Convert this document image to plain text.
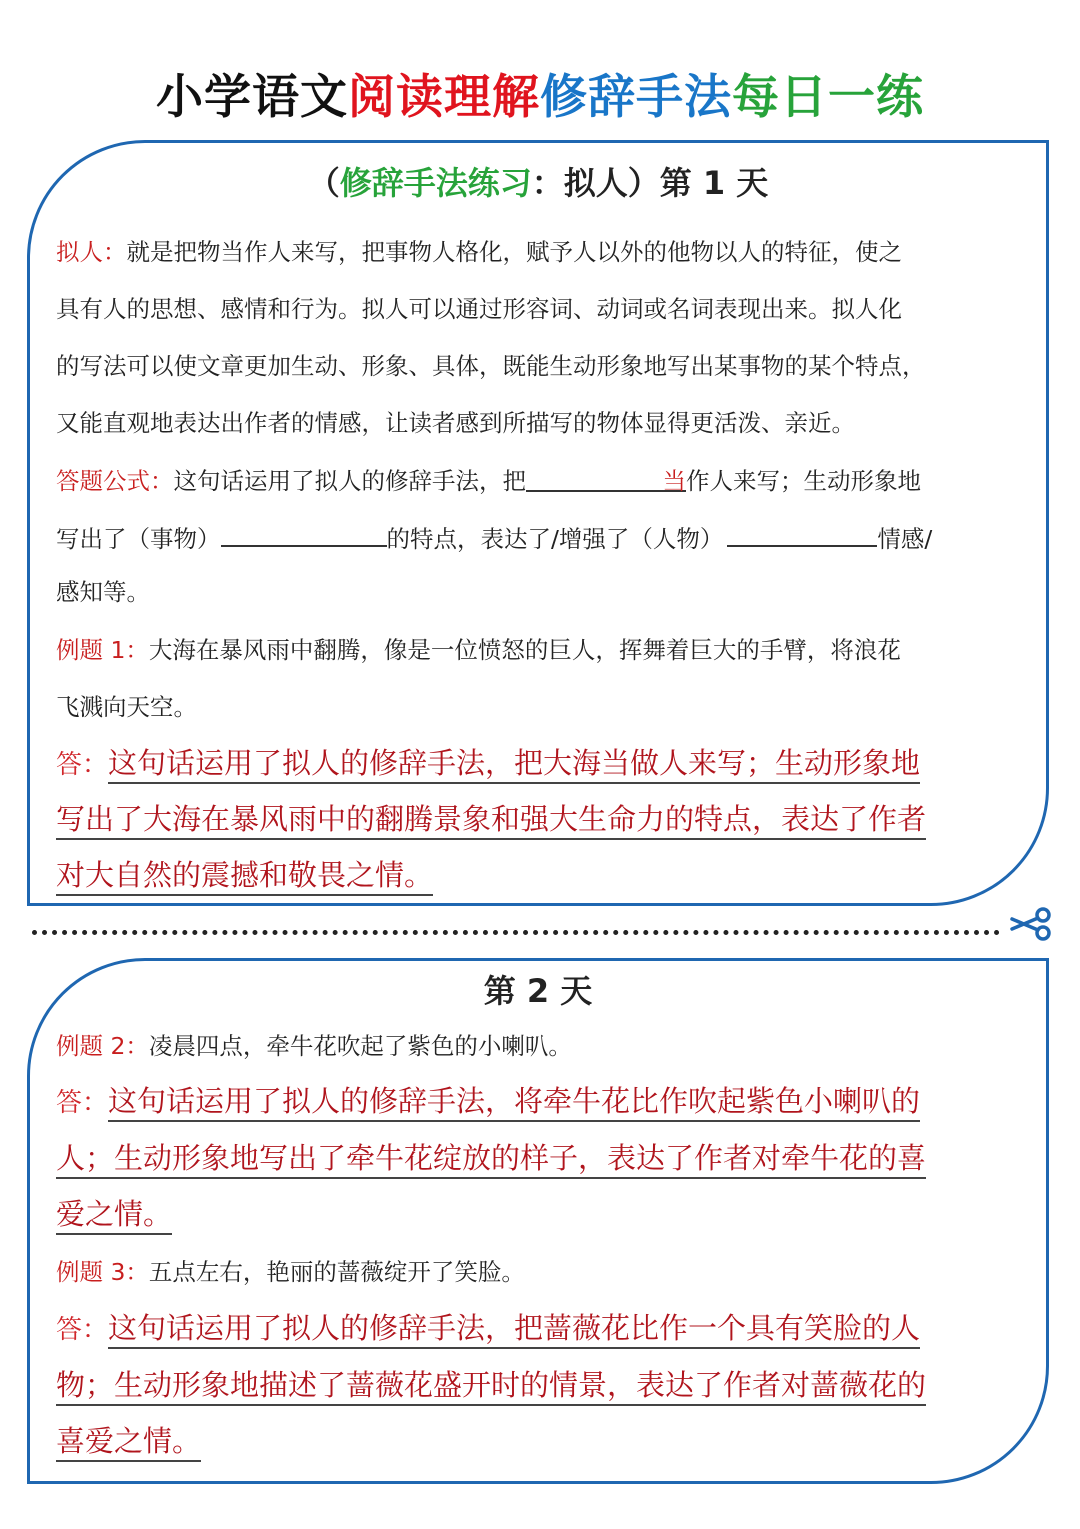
小学语文阅读理解修辞手法每日一练
（修辞手法练习：拟人）第 1 天
拟人：就是把物当作人来写，把事物人格化，赋予人以外的他物以人的特征，使之
具有人的思想、感情和行为。拟人可以通过形容词、动词或名词表现出来。拟人化
的写法可以使文章更加生动、形象、具体，既能生动形象地写出某事物的某个特点，
又能直观地表达出作者的情感，让读者感到所描写的物体显得更活泼、亲近。
答题公式：这句话运用了拟人的修辞手法，把	当作人来写；生动形象地
写出了（事物）	的特点，表达了/增强了（人物）	情感/
感知等。
例题 1：大海在暴风雨中翻腾，像是一位愤怒的巨人，挥舞着巨大的手臂，将浪花
飞溅向天空。
答：这句话运用了拟人的修辞手法，把大海当做人来写；生动形象地
写出了大海在暴风雨中的翻腾景象和强大生命力的特点，表达了作者
对大自然的震撼和敬畏之情。
第 2 天
例题 2：凌晨四点，牵牛花吹起了紫色的小喇叭。
答：这句话运用了拟人的修辞手法，将牵牛花比作吹起紫色小喇叭的
人；生动形象地写出了牵牛花绽放的样子，表达了作者对牵牛花的喜
爱之情。
例题 3：五点左右，艳丽的蔷薇绽开了笑脸。
答：这句话运用了拟人的修辞手法，把蔷薇花比作一个具有笑脸的人
物；生动形象地描述了蔷薇花盛开时的情景，表达了作者对蔷薇花的
喜爱之情。
